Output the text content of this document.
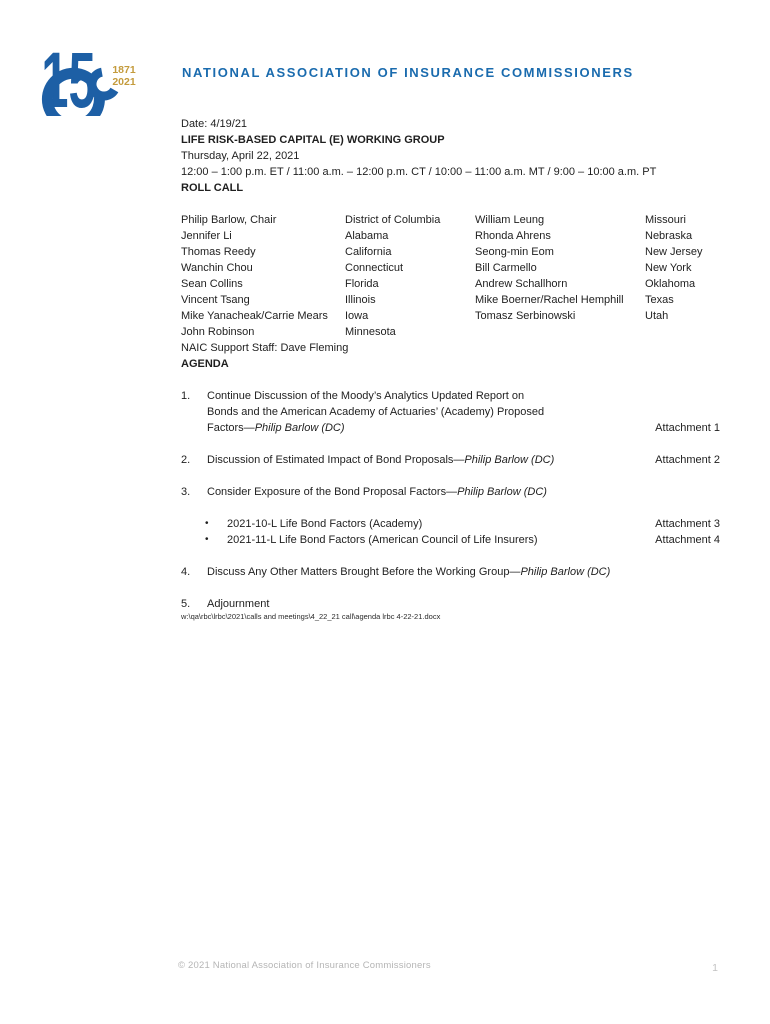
15 1871
2021
NATIONAL ASSOCIATION OF INSURANCE COMMISSIONERS

Date: 4/19/21

LIFE RISK-BASED CAPITAL (E) WORKING GROUP

Thursday, April 22, 2021

12:00 – 1:00 p.m. ET / 11:00 a.m. – 12:00 p.m. CT / 10:00 – 11:00 a.m. MT / 9:00 – 10:00 a.m. PT

ROLL CALL

Philip Barlow, Chair	District of Columbia	William Leung	Missouri
Jennifer Li	Alabama	Rhonda Ahrens	Nebraska
Thomas Reedy	California	Seong-min Eom	New Jersey
Wanchin Chou	Connecticut	Bill Carmello	New York
Sean Collins	Florida	Andrew Schallhorn	Oklahoma
Vincent Tsang	Illinois	Mike Boerner/Rachel Hemphill	Texas
Mike Yanacheak/Carrie Mears	Iowa	Tomasz Serbinowski	Utah
John Robinson	Minnesota

NAIC Support Staff: Dave Fleming

AGENDA

1.	Continue Discussion of the Moody’s Analytics Updated Report on
Bonds and the American Academy of Actuaries’ (Academy) Proposed
Factors—Philip Barlow (DC)	Attachment 1
2.	Discussion of Estimated Impact of Bond Proposals—Philip Barlow (DC)	Attachment 2
3.	Consider Exposure of the Bond Proposal Factors—Philip Barlow (DC)
•	2021-10-L Life Bond Factors (Academy)	Attachment 3
•	2021-11-L Life Bond Factors (American Council of Life Insurers)	Attachment 4
4.	Discuss Any Other Matters Brought Before the Working Group—Philip Barlow (DC)
5.	Adjournment

w:\qa\rbc\lrbc\2021\calls and meetings\4_22_21 call\agenda lrbc 4-22-21.docx

© 2021 National Association of Insurance Commissioners	1
